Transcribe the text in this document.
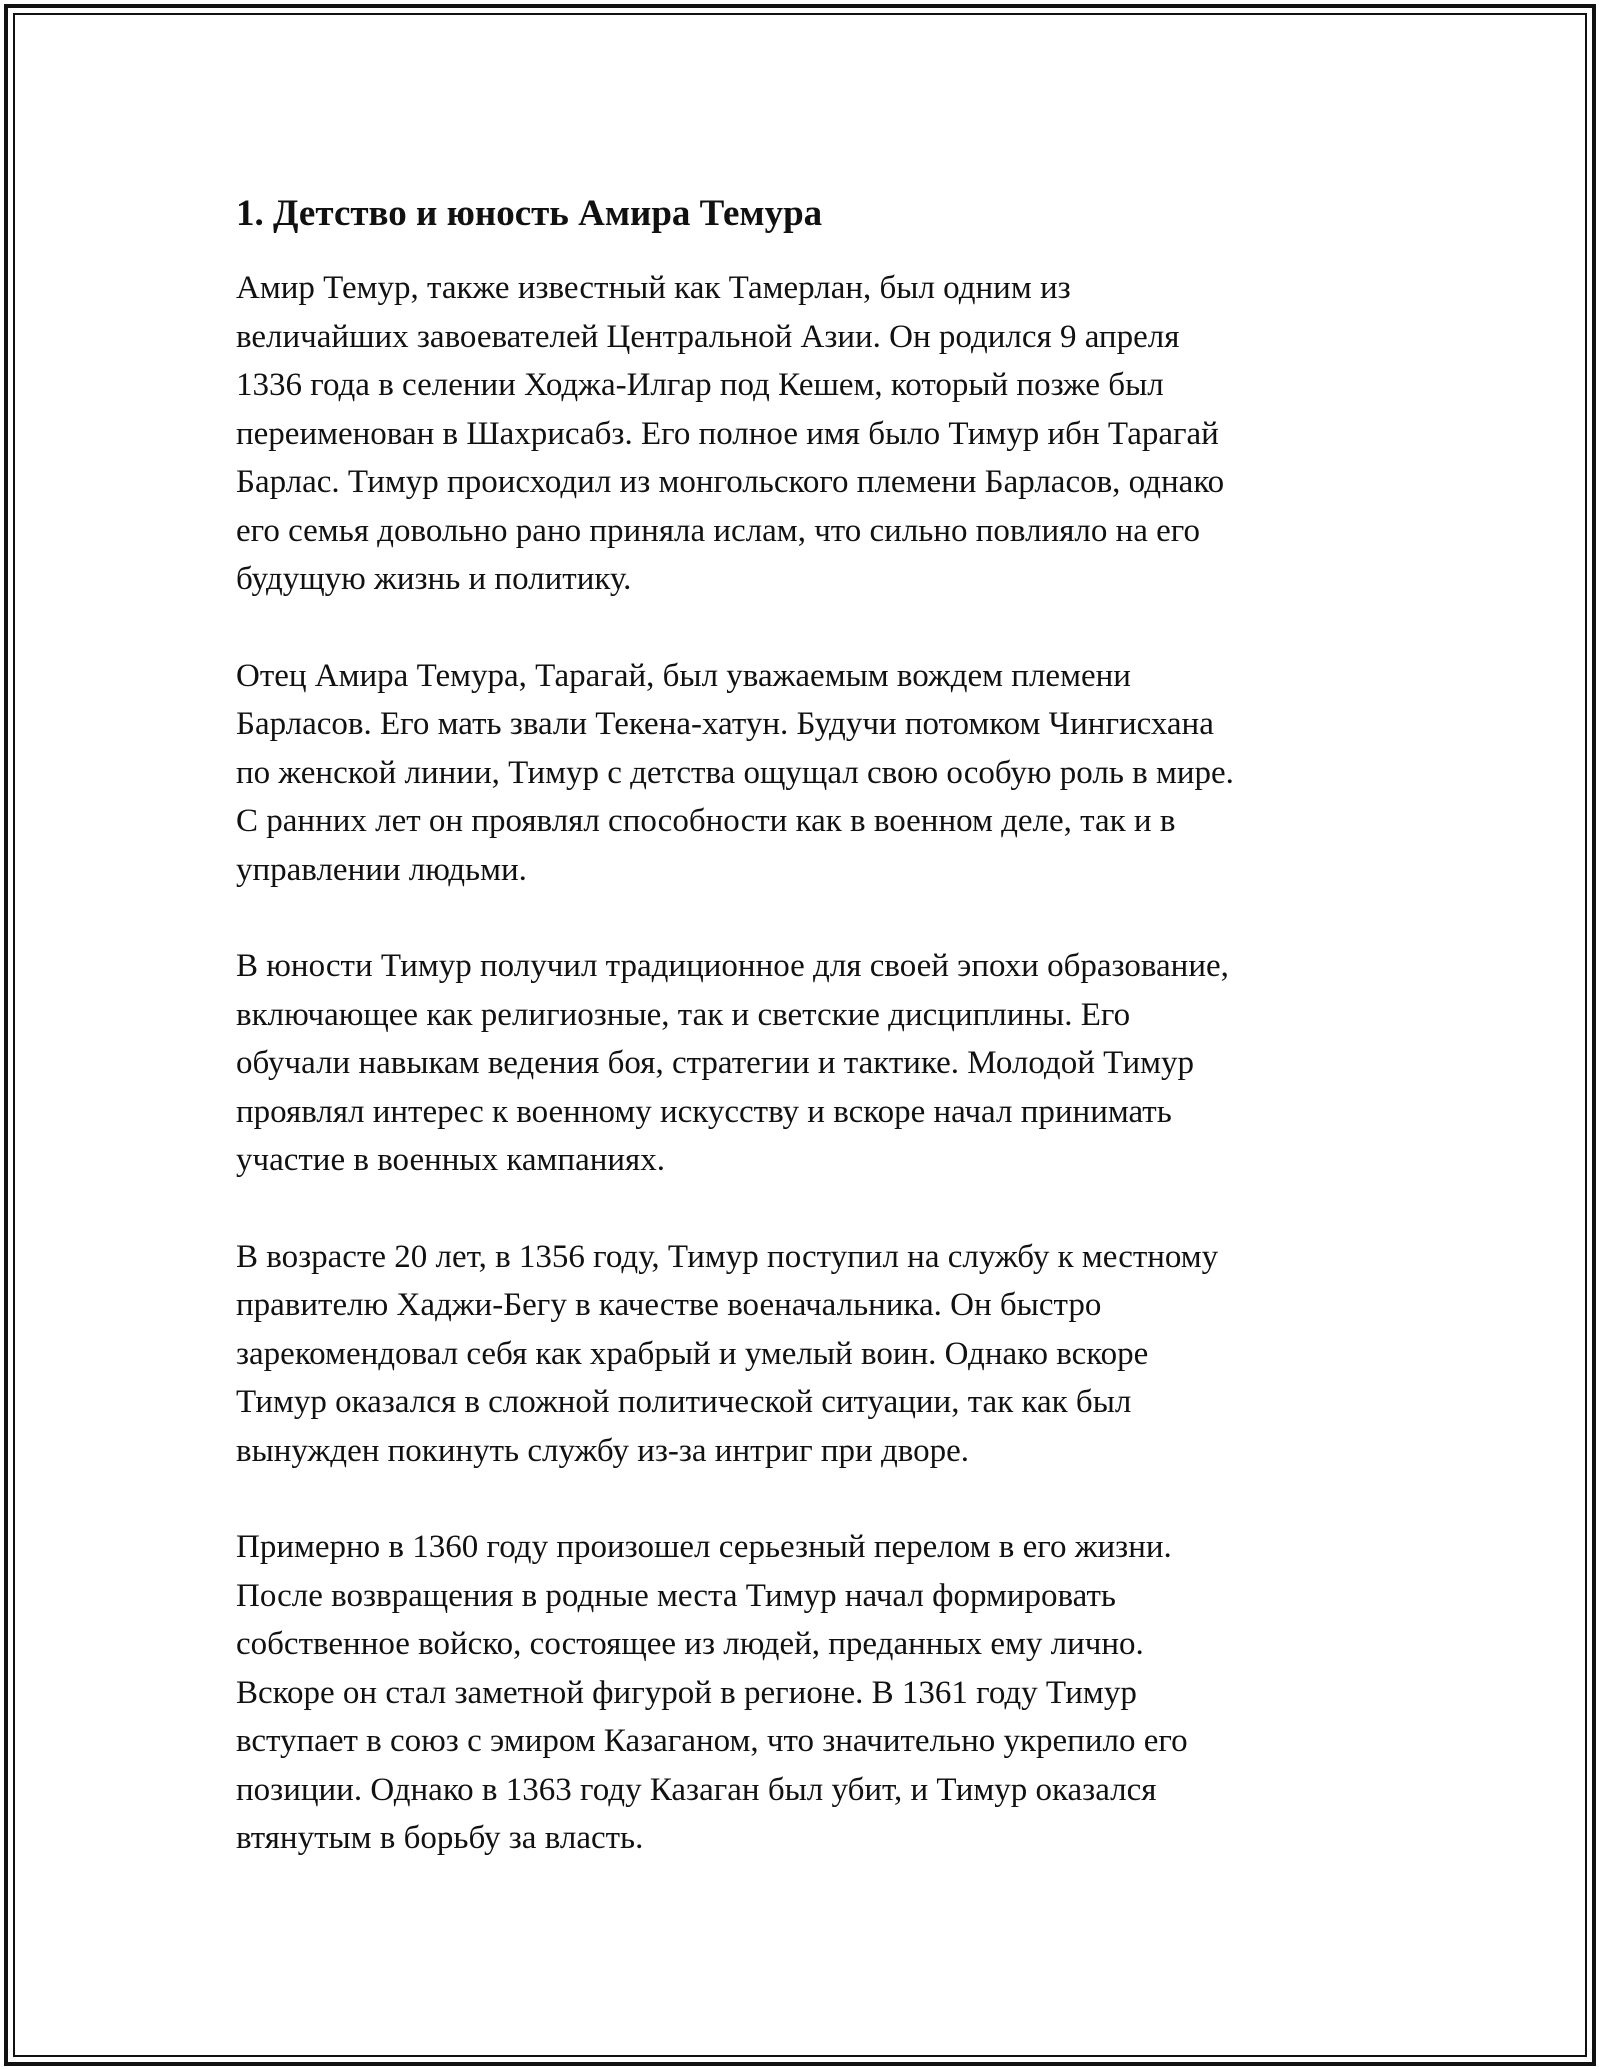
1. Детство и юность Амира Темура

Амир Темур, также известный как Тамерлан, был одним из
величайших завоевателей Центральной Азии. Он родился 9 апреля
1336 года в селении Ходжа-Илгар под Кешем, который позже был
переименован в Шахрисабз. Его полное имя было Тимур ибн Тарагай
Барлас. Тимур происходил из монгольского племени Барласов, однако
его семья довольно рано приняла ислам, что сильно повлияло на его
будущую жизнь и политику.

Отец Амира Темура, Тарагай, был уважаемым вождем племени
Барласов. Его мать звали Текена-хатун. Будучи потомком Чингисхана
по женской линии, Тимур с детства ощущал свою особую роль в мире.
С ранних лет он проявлял способности как в военном деле, так и в
управлении людьми.

В юности Тимур получил традиционное для своей эпохи образование,
включающее как религиозные, так и светские дисциплины. Его
обучали навыкам ведения боя, стратегии и тактике. Молодой Тимур
проявлял интерес к военному искусству и вскоре начал принимать
участие в военных кампаниях.

В возрасте 20 лет, в 1356 году, Тимур поступил на службу к местному
правителю Хаджи-Бегу в качестве военачальника. Он быстро
зарекомендовал себя как храбрый и умелый воин. Однако вскоре
Тимур оказался в сложной политической ситуации, так как был
вынужден покинуть службу из-за интриг при дворе.

Примерно в 1360 году произошел серьезный перелом в его жизни.
После возвращения в родные места Тимур начал формировать
собственное войско, состоящее из людей, преданных ему лично.
Вскоре он стал заметной фигурой в регионе. В 1361 году Тимур
вступает в союз с эмиром Казаганом, что значительно укрепило его
позиции. Однако в 1363 году Казаган был убит, и Тимур оказался
втянутым в борьбу за власть.
